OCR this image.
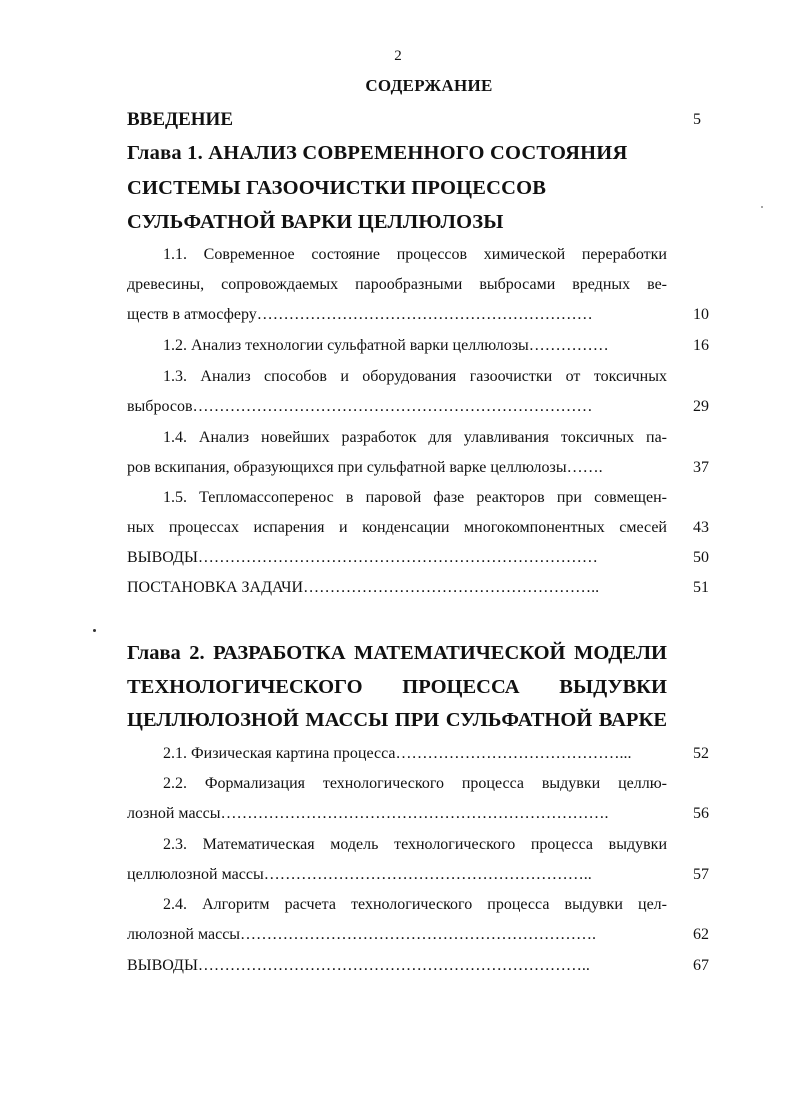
2
СОДЕРЖАНИЕ
ВВЕДЕНИЕ	5
Глава 1. АНАЛИЗ СОВРЕМЕННОГО СОСТОЯНИЯ
СИСТЕМЫ ГАЗООЧИСТКИ ПРОЦЕССОВ
СУЛЬФАТНОЙ ВАРКИ ЦЕЛЛЮЛОЗЫ
1.1. Современное состояние процессов химической переработки
древесины, сопровождаемых парообразными выбросами вредных ве-
ществ в атмосферу………………………………………………………	10
1.2. Анализ технологии сульфатной варки целлюлозы……………	16
1.3. Анализ способов и оборудования газоочистки от токсичных
выбросов…………………………………………………………………	29
1.4. Анализ новейших разработок для улавливания токсичных па-
ров вскипания, образующихся при сульфатной варке целлюлозы…….	37
1.5. Тепломассоперенос в паровой фазе реакторов при совмещен-
ных процессах испарения и конденсации многокомпонентных смесей	43
ВЫВОДЫ…………………………………………………………………	50
ПОСТАНОВКА ЗАДАЧИ………………………………………………..	51
Глава 2. РАЗРАБОТКА МАТЕМАТИЧЕСКОЙ МОДЕЛИ
ТЕХНОЛОГИЧЕСКОГО ПРОЦЕССА ВЫДУВКИ
ЦЕЛЛЮЛОЗНОЙ МАССЫ ПРИ СУЛЬФАТНОЙ ВАРКЕ
2.1. Физическая картина процесса……………………………………...	52
2.2. Формализация технологического процесса выдувки целлю-
лозной массы……………………………………………………………….	56
2.3. Математическая модель технологического процесса выдувки
целлюлозной массы……………………………………………………..	57
2.4. Алгоритм расчета технологического процесса выдувки цел-
люлозной массы………………………………………………………….	62
ВЫВОДЫ………………………………………………………………..	67
